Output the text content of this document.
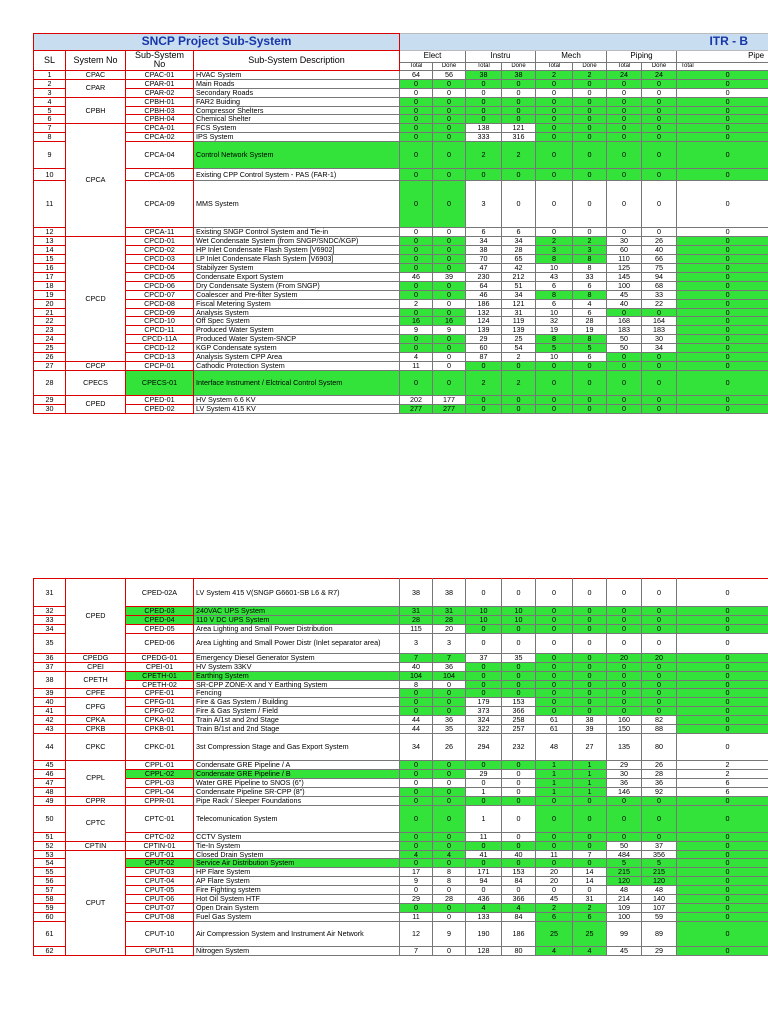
SNCP Project Sub-System				ITR - B								
SL	System No	Sub-System No	Sub-System Description	Elect		Instru		Mech		Piping		Pipe
				Total	Done	Total	Done	Total	Done	Total	Done	Total
1	CPAC	CPAC-01	HVAC System	64	56	38	38	2	2	24	24	0
2	CPAR	CPAR-01	Main Roads	0	0	0	0	0	0	0	0	0
3		CPAR-02	Secondary Roads	0	0	0	0	0	0	0	0	0
4	CPBH	CPBH-01	FAR2 Buiding	0	0	0	0	0	0	0	0	0
5		CPBH-03	Compressor Shelters	0	0	0	0	0	0	0	0	0
6		CPBH-04	Chemical Shelter	0	0	0	0	0	0	0	0	0
7	CPCA	CPCA-01	FCS System	0	0	138	121	0	0	0	0	0
8		CPCA-02	IPS System	0	0	333	316	0	0	0	0	0
9		CPCA-04	Control Network System	0	0	2	2	0	0	0	0	0
10		CPCA-05	Existing CPP Control System - PAS (FAR-1)	0	0	0	0	0	0	0	0	0
11		CPCA-09	MMS System	0	0	3	0	0	0	0	0	0
12		CPCA-11	Existing SNGP Control System and Tie-in	0	0	6	6	0	0	0	0	0
13	CPCD	CPCD-01	Wet Condensate System (from SNGP/SNDC/KGP)	0	0	34	34	2	2	30	26	0
14		CPCD-02	HP Inlet Condensate Flash System [V6902]	0	0	38	28	3	3	60	40	0
15		CPCD-03	LP Inlet Condensate Flash System [V6903]	0	0	70	65	8	8	110	66	0
16		CPCD-04	Stabilyzer System	0	0	47	42	10	8	125	75	0
17		CPCD-05	Condensate Export System	46	39	230	212	43	33	145	94	0
18		CPCD-06	Dry Condensate System (From SNGP)	0	0	64	51	6	6	100	68	0
19		CPCD-07	Coalescer and Pre-filter System	0	0	46	34	8	8	45	33	0
20		CPCD-08	Fiscal Metering System	2	0	186	121	6	4	40	22	0
21		CPCD-09	Analysis System	0	0	132	31	10	6	0	0	0
22		CPCD-10	Off Spec System	16	16	124	119	32	28	168	164	0
23		CPCD-11	Produced Water System	9	9	139	139	19	19	183	183	0
24		CPCD-11A	Produced Water System-SNCP	0	0	29	25	8	8	50	30	0
25		CPCD-12	KGP Condensate system	0	0	60	54	5	5	50	34	0
26		CPCD-13	Analysis System CPP Area	4	0	87	2	10	6	0	0	0
27	CPCP	CPCP-01	Cathodic Protection System	11	0	0	0	0	0	0	0	0
28	CPECS	CPECS-01	Interface Instrument / Elctrical Control System	0	0	2	2	0	0	0	0	0
29	CPED	CPED-01	HV System 6.6 KV	202	177	0	0	0	0	0	0	0
30		CPED-02	LV System 415 KV	277	277	0	0	0	0	0	0	0
31	CPED	CPED-02A	LV System 415 V(SNGP G6601-SB L6 & R7)	38	38	0	0	0	0	0	0	0
32		CPED-03	240VAC UPS System	31	31	10	10	0	0	0	0	0
33		CPED-04	110 V DC UPS System	28	28	10	10	0	0	0	0	0
34		CPED-05	Area Lighting and Small Power Distribution	115	20	0	0	0	0	0	0	0
35		CPED-06	Area Lighting and Small Power Distr (Inlet separator area)	3	3	0	0	0	0	0	0	0
36	CPEDG	CPEDG-01	Emergency Diesel Generator System	7	7	37	35	0	0	20	20	0
37	CPEI	CPEI-01	HV System 33KV	40	36	0	0	0	0	0	0	0
38	CPETH	CPETH-01	Earthing System	104	104	0	0	0	0	0	0	0
		CPETH-02	SR-CPP ZONE-X and Y Earthing System	8	0	0	0	0	0	0	0	0
39	CPFE	CPFE-01	Fencing	0	0	0	0	0	0	0	0	0
40	CPFG	CPFG-01	Fire & Gas System / Building	0	0	179	153	0	0	0	0	0
41		CPFG-02	Fire & Gas System / Field	0	0	373	366	0	0	0	0	0
42	CPKA	CPKA-01	Train A/1st and 2nd Stage	44	36	324	258	61	38	160	82	0
43	CPKB	CPKB-01	Train B/1st and 2nd Stage	44	35	322	257	61	39	150	88	0
44	CPKC	CPKC-01	3st Compression Stage and Gas Export System	34	26	294	232	48	27	135	80	0
45	CPPL	CPPL-01	Condensate GRE Pipeline / A	0	0	0	0	1	1	29	26	2
46		CPPL-02	Condensate GRE Pipeline / B	0	0	29	0	1	1	30	28	2
47		CPPL-03	Water GRE Pipeline to SNOS (6")	0	0	0	0	1	1	36	36	6
48		CPPL-04	Condensate Pipeline SR-CPP (8")	0	0	1	0	1	1	146	92	6
49	CPPR	CPPR-01	Pipe Rack / Sleeper Foundations	0	0	0	0	0	0	0	0	0
50	CPTC	CPTC-01	Telecomunication System	0	0	1	0	0	0	0	0	0
51		CPTC-02	CCTV System	0	0	11	0	0	0	0	0	0
52	CPTIN	CPTIN-01	Tie-In System	0	0	0	0	0	0	50	37	0
53	CPUT	CPUT-01	Closed Drain System	4	4	41	40	11	7	484	356	0
54		CPUT-02	Service Air Distribution System	0	0	0	0	0	0	5	5	0
55		CPUT-03	HP Flare System	17	8	171	153	20	14	215	215	0
56		CPUT-04	AP Flare System	9	8	94	84	20	14	120	120	0
57		CPUT-05	Fire Fighting system	0	0	0	0	0	0	48	48	0
58		CPUT-06	Hot Oil System HTF	29	28	436	366	45	31	214	140	0
59		CPUT-07	Open Drain System	0	0	4	4	2	2	109	107	0
60		CPUT-08	Fuel Gas System	11	0	133	84	6	6	100	59	0
61		CPUT-10	Air Compression System and Instrument Air Network	12	9	190	186	25	25	99	89	0
62		CPUT-11	Nitrogen System	7	0	128	80	4	4	45	29	0
